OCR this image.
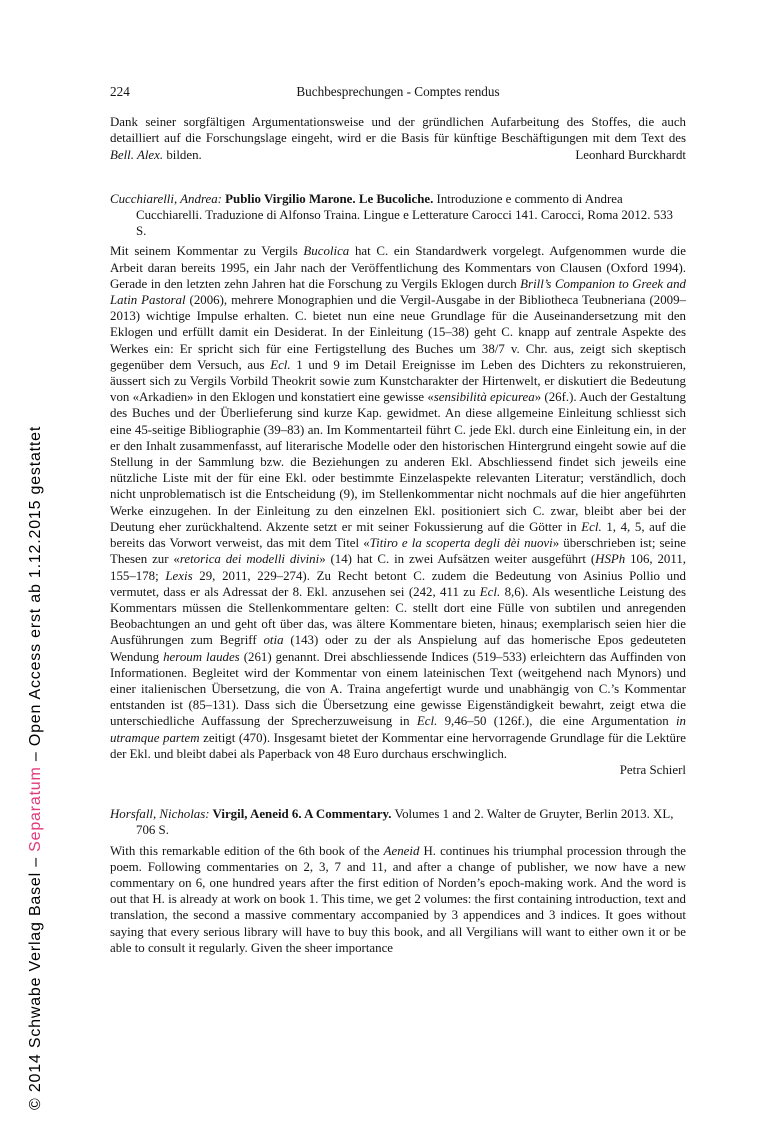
© 2014 Schwabe Verlag Basel – Separatum – Open Access erst ab 1.12.2015 gestattet
224	Buchbesprechungen - Comptes rendus

Dank seiner sorgfältigen Argumentationsweise und der gründlichen Aufarbeitung des Stoffes, die auch detailliert auf die Forschungslage eingeht, wird er die Basis für künftige Beschäftigungen mit dem Text des Bell. Alex. bilden.	Leonhard Burckhardt

Cucchiarelli, Andrea: Publio Virgilio Marone. Le Bucoliche. Introduzione e commento di Andrea Cucchiarelli. Traduzione di Alfonso Traina. Lingue e Letterature Carocci 141. Carocci, Roma 2012. 533 S.

Mit seinem Kommentar zu Vergils Bucolica hat C. ein Standardwerk vorgelegt. Aufgenommen wurde die Arbeit daran bereits 1995, ein Jahr nach der Veröffentlichung des Kommentars von Clausen (Oxford 1994). Gerade in den letzten zehn Jahren hat die Forschung zu Vergils Eklogen durch Brill’s Companion to Greek and Latin Pastoral (2006), mehrere Monographien und die Vergil-Ausgabe in der Bibliotheca Teubneriana (2009–2013) wichtige Impulse erhalten. C. bietet nun eine neue Grundlage für die Auseinandersetzung mit den Eklogen und erfüllt damit ein Desiderat. In der Einleitung (15–38) geht C. knapp auf zentrale Aspekte des Werkes ein: Er spricht sich für eine Fertigstellung des Buches um 38/7 v. Chr. aus, zeigt sich skeptisch gegenüber dem Versuch, aus Ecl. 1 und 9 im Detail Ereignisse im Leben des Dichters zu rekonstruieren, äussert sich zu Vergils Vorbild Theokrit sowie zum Kunstcharakter der Hirtenwelt, er diskutiert die Bedeutung von «Arkadien» in den Eklogen und konstatiert eine gewisse «sensibilità epicurea» (26f.). Auch der Gestaltung des Buches und der Überlieferung sind kurze Kap. gewidmet. An diese allgemeine Einleitung schliesst sich eine 45-seitige Bibliographie (39–83) an. Im Kommentarteil führt C. jede Ekl. durch eine Einleitung ein, in der er den Inhalt zusammenfasst, auf literarische Modelle oder den historischen Hintergrund eingeht sowie auf die Stellung in der Sammlung bzw. die Beziehungen zu anderen Ekl. Abschliessend findet sich jeweils eine nützliche Liste mit der für eine Ekl. oder bestimmte Einzelaspekte relevanten Literatur; verständlich, doch nicht unproblematisch ist die Entscheidung (9), im Stellenkommentar nicht nochmals auf die hier angeführten Werke einzugehen. In der Einleitung zu den einzelnen Ekl. positioniert sich C. zwar, bleibt aber bei der Deutung eher zurückhaltend. Akzente setzt er mit seiner Fokussierung auf die Götter in Ecl. 1, 4, 5, auf die bereits das Vorwort verweist, das mit dem Titel «Titiro e la scoperta degli dèi nuovi» überschrieben ist; seine Thesen zur «retorica dei modelli divini» (14) hat C. in zwei Aufsätzen weiter ausgeführt (HSPh 106, 2011, 155–178; Lexis 29, 2011, 229–274). Zu Recht betont C. zudem die Bedeutung von Asinius Pollio und vermutet, dass er als Adressat der 8. Ekl. anzusehen sei (242, 411 zu Ecl. 8,6). Als wesentliche Leistung des Kommentars müssen die Stellenkommentare gelten: C. stellt dort eine Fülle von subtilen und anregenden Beobachtungen an und geht oft über das, was ältere Kommentare bieten, hinaus; exemplarisch seien hier die Ausführungen zum Begriff otia (143) oder zu der als Anspielung auf das homerische Epos gedeuteten Wendung heroum laudes (261) genannt. Drei abschliessende Indices (519–533) erleichtern das Auffinden von Informationen. Begleitet wird der Kommentar von einem lateinischen Text (weitgehend nach Mynors) und einer italienischen Übersetzung, die von A. Traina angefertigt wurde und unabhängig von C.’s Kommentar entstanden ist (85–131). Dass sich die Übersetzung eine gewisse Eigenständigkeit bewahrt, zeigt etwa die unterschiedliche Auffassung der Sprecherzuweisung in Ecl. 9,46–50 (126f.), die eine Argumentation in utramque partem zeitigt (470). Insgesamt bietet der Kommentar eine hervorragende Grundlage für die Lektüre der Ekl. und bleibt dabei als Paperback von 48 Euro durchaus erschwinglich.

Petra Schierl

Horsfall, Nicholas: Virgil, Aeneid 6. A Commentary. Volumes 1 and 2. Walter de Gruyter, Berlin 2013. XL, 706 S.

With this remarkable edition of the 6th book of the Aeneid H. continues his triumphal procession through the poem. Following commentaries on 2, 3, 7 and 11, and after a change of publisher, we now have a new commentary on 6, one hundred years after the first edition of Norden’s epoch-making work. And the word is out that H. is already at work on book 1. This time, we get 2 volumes: the first containing introduction, text and translation, the second a massive commentary accompanied by 3 appendices and 3 indices. It goes without saying that every serious library will have to buy this book, and all Vergilians will want to either own it or be able to consult it regularly. Given the sheer importance
